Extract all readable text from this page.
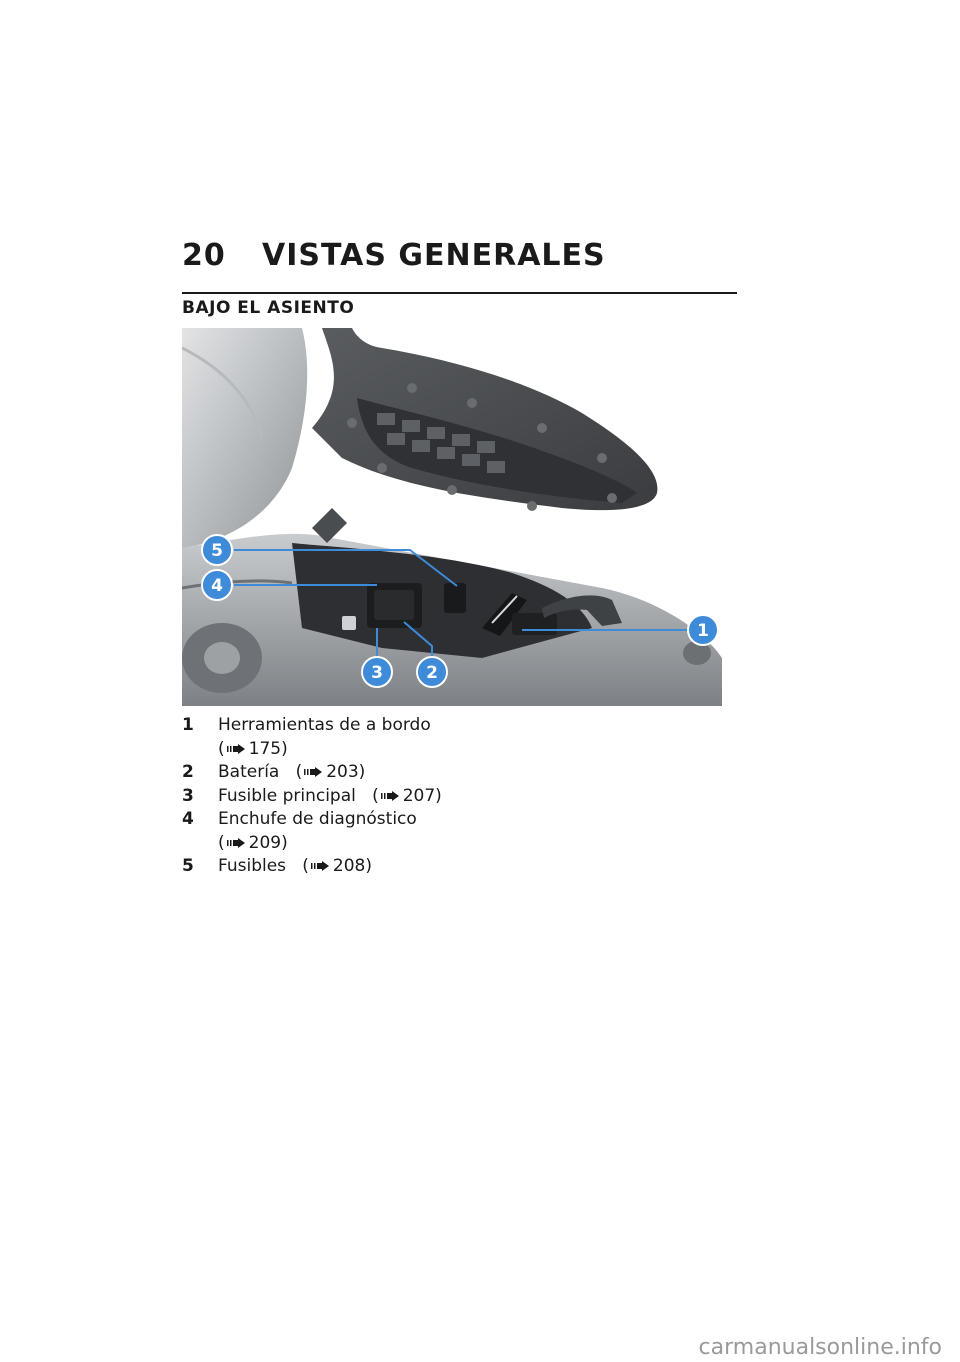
20 VISTAS GENERALES
BAJO EL ASIENTO
5
4
3	2
1
1	Herramientas de a bordo
( 175)
2	Batería ( 203)
3	Fusible principal ( 207)
4	Enchufe de diagnóstico
( 209)
5	Fusibles ( 208)
carmanualsonline.info
